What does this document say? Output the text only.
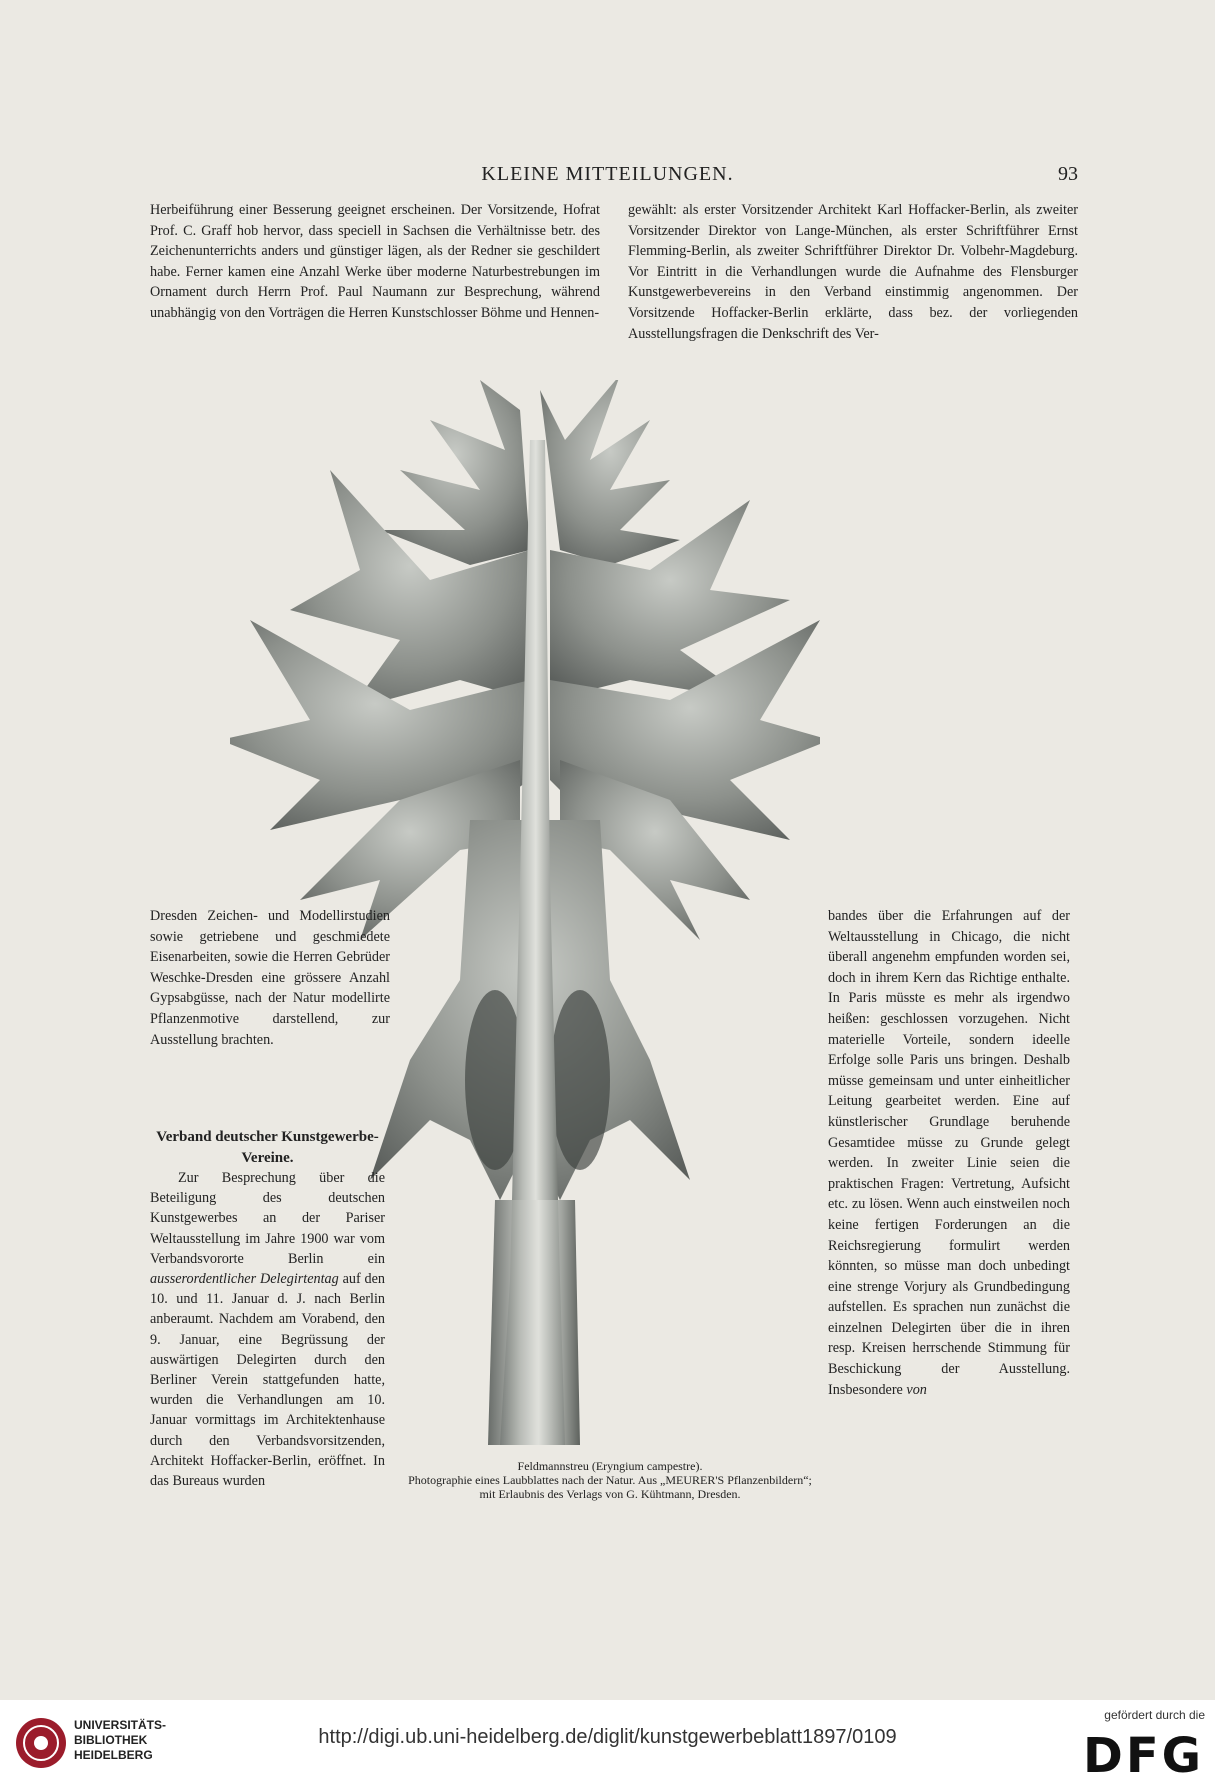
KLEINE MITTEILUNGEN.	93

Herbeiführung einer Besserung geeignet erscheinen. Der Vorsitzende, Hofrat Prof. C. Graff hob hervor, dass speciell in Sachsen die Verhältnisse betr. des Zeichenunterrichts anders und günstiger lägen, als der Redner sie geschildert habe. Ferner kamen eine Anzahl Werke über moderne Naturbestrebungen im Ornament durch Herrn Prof. Paul Naumann zur Besprechung, während unabhängig von den Vorträgen die Herren Kunstschlosser Böhme und Hennen-

gewählt: als erster Vorsitzender Architekt Karl Hoffacker-Berlin, als zweiter Vorsitzender Direktor von Lange-München, als erster Schriftführer Ernst Flemming-Berlin, als zweiter Schriftführer Direktor Dr. Volbehr-Magdeburg. Vor Eintritt in die Verhandlungen wurde die Aufnahme des Flensburger Kunstgewerbevereins in den Verband einstimmig angenommen. Der Vorsitzende Hoffacker-Berlin erklärte, dass bez. der vorliegenden Ausstellungsfragen die Denkschrift des Ver-

Dresden Zeichen- und Modellirstudien sowie getriebene und geschmiedete Eisenarbeiten, sowie die Herren Gebrüder Weschke-Dresden eine grössere Anzahl Gypsabgüsse, nach der Natur modellirte Pflanzenmotive darstellend, zur Ausstellung brachten.

Verband deutscher Kunstgewerbe-Vereine.

Zur Besprechung über die Beteiligung des deutschen Kunstgewerbes an der Pariser Weltausstellung im Jahre 1900 war vom Verbandsvororte Berlin ein ausserordentlicher Delegirtentag auf den 10. und 11. Januar d. J. nach Berlin anberaumt. Nachdem am Vorabend, den 9. Januar, eine Begrüssung der auswärtigen Delegirten durch den Berliner Verein stattgefunden hatte, wurden die Verhandlungen am 10. Januar vormittags im Architektenhause durch den Verbandsvorsitzenden, Architekt Hoffacker-Berlin, eröffnet. In das Bureaus wurden

bandes über die Erfahrungen auf der Weltausstellung in Chicago, die nicht überall angenehm empfunden worden sei, doch in ihrem Kern das Richtige enthalte. In Paris müsste es mehr als irgendwo heißen: geschlossen vorzugehen. Nicht materielle Vorteile, sondern ideelle Erfolge solle Paris uns bringen. Deshalb müsse gemeinsam und unter einheitlicher Leitung gearbeitet werden. Eine auf künstlerischer Grundlage beruhende Gesamtidee müsse zu Grunde gelegt werden. In zweiter Linie seien die praktischen Fragen: Vertretung, Aufsicht etc. zu lösen. Wenn auch einstweilen noch keine fertigen Forderungen an die Reichsregierung formulirt werden könnten, so müsse man doch unbedingt eine strenge Vorjury als Grundbedingung aufstellen. Es sprachen nun zunächst die einzelnen Delegirten über die in ihren resp. Kreisen herrschende Stimmung für Beschickung der Ausstellung. Insbesondere von

Feldmannstreu (Eryngium campestre).
Photographie eines Laubblattes nach der Natur. Aus „MEURER'S Pflanzenbildern“; mit Erlaubnis des Verlags von G. Kühtmann, Dresden.
UNIVERSITÄTS-
BIBLIOTHEK
HEIDELBERG
http://digi.ub.uni-heidelberg.de/diglit/kunstgewerbeblatt1897/0109
gefördert durch die
DFG
